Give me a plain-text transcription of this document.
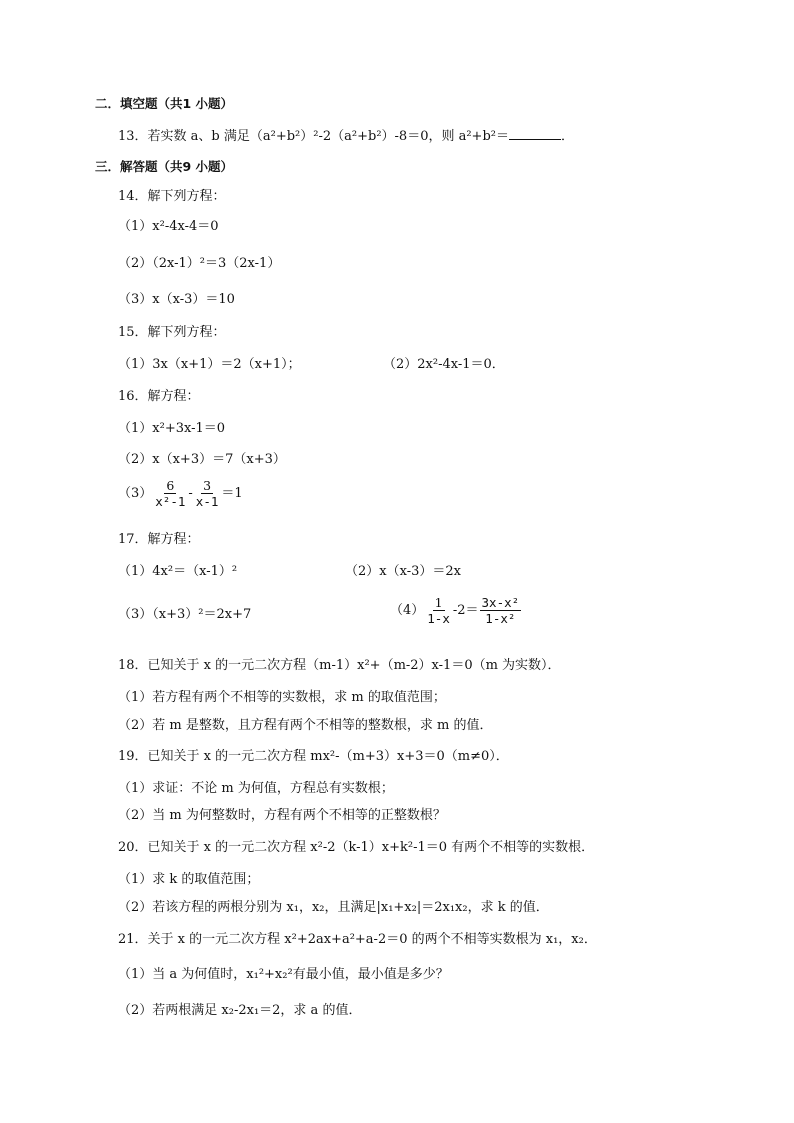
二．填空题（共1 小题）
13．若实数 a、b 满足（a²+b²）²-2（a²+b²）-8＝0，则 a²+b²＝	．
三．解答题（共9 小题）
14．解下列方程：
（1）x²-4x-4＝0
（2）（2x-1）²＝3（2x-1）
（3）x（x-3）＝10
15．解下列方程：
（1）3x（x+1）＝2（x+1）；	（2）2x²-4x-1＝0．
16．解方程：
（1）x²+3x-1＝0
（2）x（x+3）＝7（x+3）
$(3) \frac{6}{\text{x²-1}} - \frac{3}{x-1} =1$
17．解方程：
（1）4x²＝（x-1）²	（2）x（x-3）＝2x
（3）（x+3）²＝2x+7	$(4) \frac{1}{1-x} -2= \frac{\text{3x-x²}}{\text{1-x²}}$
18．已知关于 x 的一元二次方程（m-1）x²+（m-2）x-1＝0（m 为实数）．
（1）若方程有两个不相等的实数根，求 m 的取值范围；
（2）若 m 是整数，且方程有两个不相等的整数根，求 m 的值．
19．已知关于 x 的一元二次方程 mx²-（m+3）x+3＝0（m≠0）．
（1）求证：不论 m 为何值，方程总有实数根；
（2）当 m 为何整数时，方程有两个不相等的正整数根？
20．已知关于 x 的一元二次方程 x²-2（k-1）x+k²-1＝0 有两个不相等的实数根．
（1）求 k 的取值范围；
（2）若该方程的两根分别为 x₁，x₂，且满足|x₁+x₂|＝2x₁x₂，求 k 的值．
21．关于 x 的一元二次方程 x²+2ax+a²+a-2＝0 的两个不相等实数根为 x₁，x₂．
（1）当 a 为何值时，x₁²+x₂²有最小值，最小值是多少？
（2）若两根满足 x₂-2x₁＝2，求 a 的值．
